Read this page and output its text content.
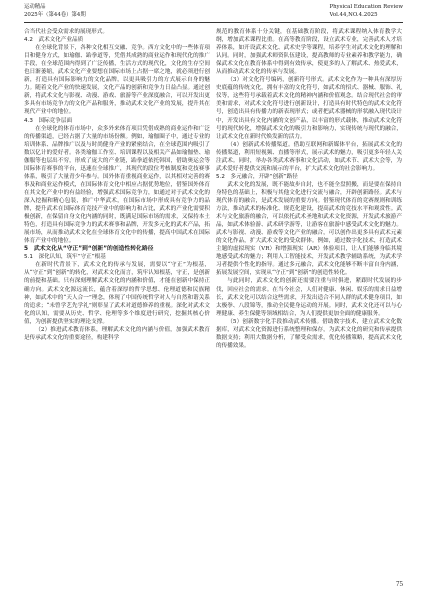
运动精品
2025年（第44卷）第4期
Physical Education Review
Vol.44,NO.4.2025

合当代社会受众需求的展现形式。

4.2　武术文化产业品质

在全球化背景下，各种文化相互交融、竞争。西方文化中的一些体育项目和健身方式，如瑜伽、跆拳道等，凭借其成熟的商业运作和现代化的推广手段，在全球范围内得到了广泛传播，生活方式的现代化，文化的生存空间也日渐萎缩，武术文化产业要想在国际市场上占据一席之地，就必须进行创新，打造具有国际影响力的文化品牌，以更具吸引力的方式展示自身的魅力。随着文化产业的快速发展，文化产品的创新和竞争力日益凸显。通过创新，将武术文化与影视、动漫、游戏、旅游等产业深度融合，可以开发出更多具有市场竞争力的文化产品和服务，推动武术文化产业的发展，提升其在现代产业中的地位。

4.3　国际竞争层面

在全球化的体育市场中，众多外来体育项目凭借成熟的商业运作和广泛的传播渠道，已经占据了大量的市场份额。例如，瑜伽圈子中，通过专业的培训体系、品牌推广以及与时尚健身产业的紧密结合，在全球范围内吸引了数以亿计的爱好者。各类瑜伽工作室、培训课程以及相关产品如瑜伽垫、瑜伽服等也层出不穷，形成了庞大的产业链，跆拳道依托韩国，借助奥运会等国际体育赛事的平台，迅速在全球推广，其现代的段位考核制度和竞技赛事体系，吸引了大量青少年参与。国外体育重视商业运作，以其相对完善的赛事及和商业运作模式，在国际体育文化中相应占据优势地位，借鉴国外体育在其文化产业中的有益经验，增强武术国际竞争力，如通过对于武术文化的深入挖掘和精心包装，推广中华武术，在国际市场中形成具有竞争力的品牌，提升武术在国际体育竞技产业中的影响力和占比，武术的产业化需要积极创新，在保留自身文化内涵的同时，既满足国际市场的需求，又保持本土特色，打造具有国际竞争力的武术赛事和品牌，开发多元化的武术产品，拓展市场，从而推动武术文化在全球体育文化中的传播，提高中国武术在国际体育产业中的地位。

5　武术文化从“守正”到“创新”的创造性转化路径
5.1　深化认知，筑牢“守正”根基

在新时代背景下，武术文化的传承与发展，需要以“守正”为根基，从“守正”到“创新”的转化，对武术文化而言，筑牢认知根基，守正，是创新的前提和基础。只有深刻理解武术文化的内涵和价值，才能在创新中保持正确方向。武术文化源远流长，蕴含着深厚的哲学思想、伦理道德和民族精神，如武术中的“天人合一”理念，体现了中国传统哲学对人与自然和谐关系的追求；“未曾学艺先学礼”则彰显了武术对道德修养的重视。深化对武术文化的认知，需要从历史、哲学、伦理等多个维度进行研究，挖掘其核心价值，为创新提供坚实的理论支撑。

（2）推进武术教育体系，理解武术文化的内涵与价值，加强武术教育是传承武术文化的重要途径，构建科学

规范的教育体系十分关键，在基础教育阶段，将武术课程纳入体育教学大纲，增加武术课程比重。在高等教育阶段，设立武术专业，完善武术人才培养体系，如开设武术文化、武术史学等课程，培养学生对武术文化的理解和认同。同时，加强武术师资队伍建设，提高教师的专业素养和教学能力，确保武术文化在教育体系中得到有效传承，使更多的人了解武术、热爱武术，从而推动武术文化的传承与发展。

（3）对文化符号编码，创新符号形式。武术文化作为一种具有深厚历史底蕴的传统文化，拥有丰富的文化符号，如武术的招式、器械、服饰、礼仪等，这些符号承载着武术文化的精神内涵和价值观念。结合现代社会的审美和需求，对武术文化符号进行创新设计，打造具有时代特色的武术文化符号，创造出具有传播力的新表现形式；或者把武术器械的形状融入现代设计中，开发出具有文化内涵的文创产品，以丰富的形式载体，推动武术文化符号的现代转化，增强武术文化的吸引力和影响力，实现传统与现代的融合，让武术文化在新时代焕发新的活力。

（4）创新武术传播渠道。借助互联网和新媒体平台，拓展武术文化的传播渠道，利用短视频、直播等形式，展示武术的魅力，吸引更多年轻人关注武术。同时，举办各类武术赛事和文化活动，如武术节、武术大会等，为武术爱好者提供交流和展示的平台，扩大武术文化的社会影响力。

5.2　多元融合，开辟“创新”路径

武术文化的发展，既不能故步自封，也不能全盘照搬，而是要在保持自身特色的基础上，积极与其他文化进行交流与融合，开辟创新路径。武术与现代体育的融合，是武术发展的重要方向。借鉴现代体育的竞赛规则和训练方法，推动武术的标准化、规范化建设，提高武术的竞技水平和观赏性。武术与文化旅游的融合，可以依托武术圣地和武术文化资源，开发武术旅游产品，如武术体验游、武术研学游等，让游客在旅游中感受武术文化的魅力。武术与影视、动漫、游戏等文化产业的融合，可以创作出更多具有武术元素的文化作品，扩大武术文化的受众群体。例如，通过数字化技术，打造武术主题的虚拟现实（VR）和增强现实（AR）体验项目，让人们能够身临其境地感受武术的魅力；利用人工智能技术，开发武术教学辅助系统，为武术学习者提供个性化的指导。通过多元融合，武术文化能够不断丰富自身内涵，拓展发展空间，实现从“守正”到“创新”的创造性转化。

与此同时，武术文化的创新还需要注重与时俱进，紧跟时代发展的步伐，回应社会的需求。在当今社会，人们对健康、休闲、娱乐的需求日益增长，武术文化可以结合这些需求，开发出适合不同人群的武术健身项目，如太极拳、八段锦等，推动全民健身运动的开展。同时，武术文化还可以与心理健康、养生保健等领域相结合，为人们提供更加全面的健康服务。

（5）创新数字化手段推动武术传播。借助数字技术，建立武术文化数据库，对武术文化资源进行系统整理和保存，为武术文化的研究和传承提供数据支持；利用大数据分析，了解受众需求，优化传播策略，提高武术文化的传播效果。

75
